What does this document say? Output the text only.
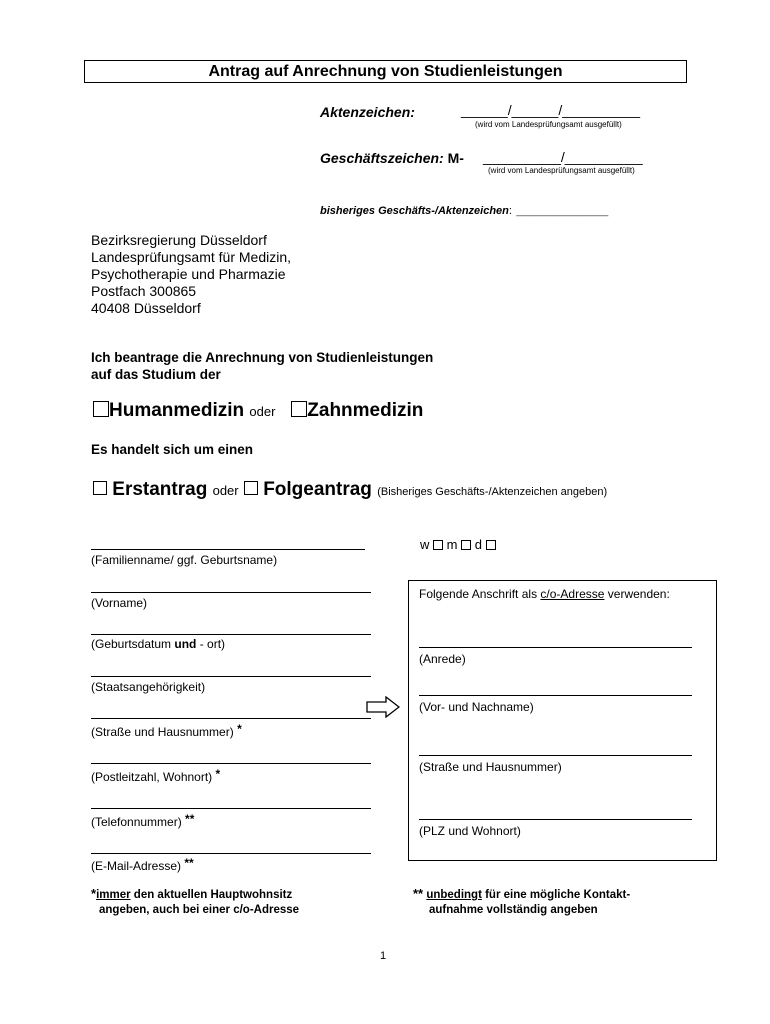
Antrag auf Anrechnung von Studienleistungen
Aktenzeichen:	______/______/__________
(wird vom Landesprüfungsamt ausgefüllt)
Geschäftszeichen: M- __________/__________
(wird vom Landesprüfungsamt ausgefüllt)
bisheriges Geschäfts-/Aktenzeichen: _______________
Bezirksregierung Düsseldorf
Landesprüfungsamt für Medizin,
Psychotherapie und Pharmazie
Postfach 300865
40408 Düsseldorf
Ich beantrage die Anrechnung von Studienleistungen
auf das Studium der
Humanmedizin oder Zahnmedizin
Es handelt sich um einen
Erstantrag oder Folgeantrag (Bisheriges Geschäfts-/Aktenzeichen angeben)
w m d
(Familienname/ ggf. Geburtsname)
(Vorname)
(Geburtsdatum und - ort)
(Staatsangehörigkeit)
(Straße und Hausnummer) *
(Postleitzahl, Wohnort) *
(Telefonnummer) **
(E-Mail-Adresse) **
Folgende Anschrift als c/o-Adresse verwenden:
(Anrede)
(Vor- und Nachname)
(Straße und Hausnummer)
(PLZ und Wohnort)
*immer den aktuellen Hauptwohnsitz
angeben, auch bei einer c/o-Adresse
** unbedingt für eine mögliche Kontakt-
aufnahme vollständig angeben
1
